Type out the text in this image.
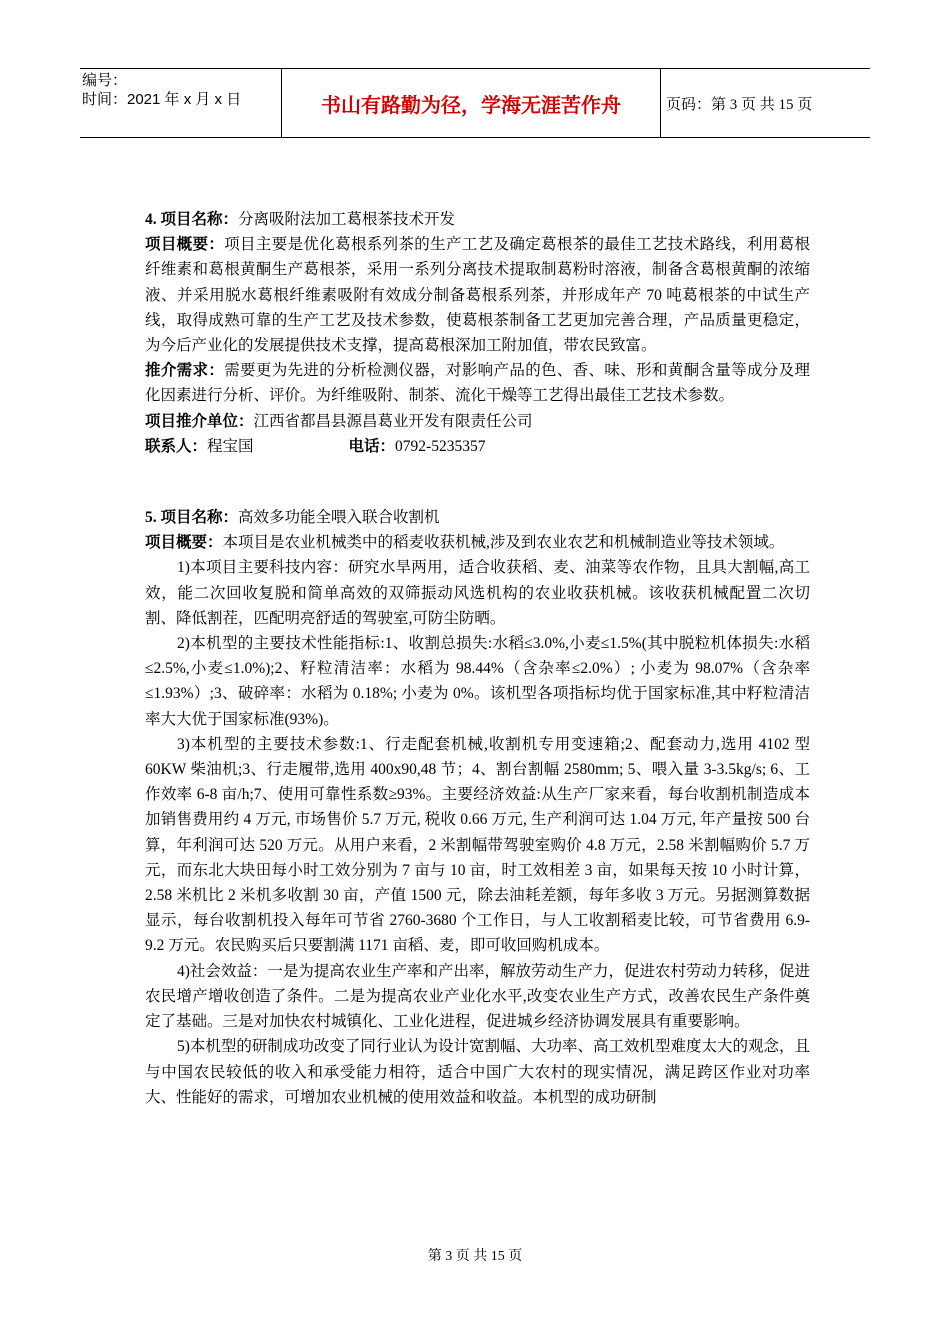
编号：
时间：2021 年 x 月 x 日	书山有路勤为径，学海无涯苦作舟	页码：第 3 页 共 15 页

4. 项目名称：分离吸附法加工葛根茶技术开发

项目概要：项目主要是优化葛根系列茶的生产工艺及确定葛根茶的最佳工艺技术路线，利用葛根纤维素和葛根黄酮生产葛根茶，采用一系列分离技术提取制葛粉时溶液，制备含葛根黄酮的浓缩液、并采用脱水葛根纤维素吸附有效成分制备葛根系列茶，并形成年产 70 吨葛根茶的中试生产线，取得成熟可靠的生产工艺及技术参数，使葛根茶制备工艺更加完善合理，产品质量更稳定，为今后产业化的发展提供技术支撑，提高葛根深加工附加值，带农民致富。

推介需求：需要更为先进的分析检测仪器，对影响产品的色、香、味、形和黄酮含量等成分及理化因素进行分析、评价。为纤维吸附、制茶、流化干燥等工艺得出最佳工艺技术参数。

项目推介单位：江西省都昌县源昌葛业开发有限责任公司

联系人：程宝国	电话：0792-5235357

5. 项目名称：高效多功能全喂入联合收割机

项目概要：本项目是农业机械类中的稻麦收获机械,涉及到农业农艺和机械制造业等技术领域。

1)本项目主要科技内容：研究水旱两用，适合收获稻、麦、油菜等农作物，且具大割幅,高工效，能二次回收复脱和简单高效的双筛振动风选机构的农业收获机械。该收获机械配置二次切割、降低割茬，匹配明亮舒适的驾驶室,可防尘防晒。

2)本机型的主要技术性能指标:1、收割总损失:水稻≤3.0%,小麦≤1.5%(其中脱粒机体损失:水稻≤2.5%,小麦≤1.0%);2、籽粒清洁率：水稻为 98.44%（含杂率≤2.0%）; 小麦为 98.07%（含杂率≤1.93%）;3、破碎率：水稻为 0.18%; 小麦为 0%。该机型各项指标均优于国家标准,其中籽粒清洁率大大优于国家标准(93%)。

3)本机型的主要技术参数:1、行走配套机械,收割机专用变速箱;2、配套动力,选用 4102 型 60KW 柴油机;3、行走履带,选用 400x90,48 节；4、割台割幅 2580mm; 5、喂入量 3-3.5kg/s; 6、工作效率 6-8 亩/h;7、使用可靠性系数≥93%。主要经济效益:从生产厂家来看，每台收割机制造成本加销售费用约 4 万元, 市场售价 5.7 万元, 税收 0.66 万元, 生产利润可达 1.04 万元, 年产量按 500 台算，年利润可达 520 万元。从用户来看，2 米割幅带驾驶室购价 4.8 万元，2.58 米割幅购价 5.7 万元，而东北大块田每小时工效分别为 7 亩与 10 亩，时工效相差 3 亩，如果每天按 10 小时计算，2.58 米机比 2 米机多收割 30 亩，产值 1500 元，除去油耗差额，每年多收 3 万元。另据测算数据显示，每台收割机投入每年可节省 2760-3680 个工作日，与人工收割稻麦比较，可节省费用 6.9-9.2 万元。农民购买后只要割满 1171 亩稻、麦，即可收回购机成本。

4)社会效益：一是为提高农业生产率和产出率，解放劳动生产力，促进农村劳动力转移，促进农民增产增收创造了条件。二是为提高农业产业化水平,改变农业生产方式，改善农民生产条件奠定了基础。三是对加快农村城镇化、工业化进程，促进城乡经济协调发展具有重要影响。

5)本机型的研制成功改变了同行业认为设计宽割幅、大功率、高工效机型难度太大的观念，且与中国农民较低的收入和承受能力相符，适合中国广大农村的现实情况，满足跨区作业对功率大、性能好的需求，可增加农业机械的使用效益和收益。本机型的成功研制

第 3 页 共 15 页
